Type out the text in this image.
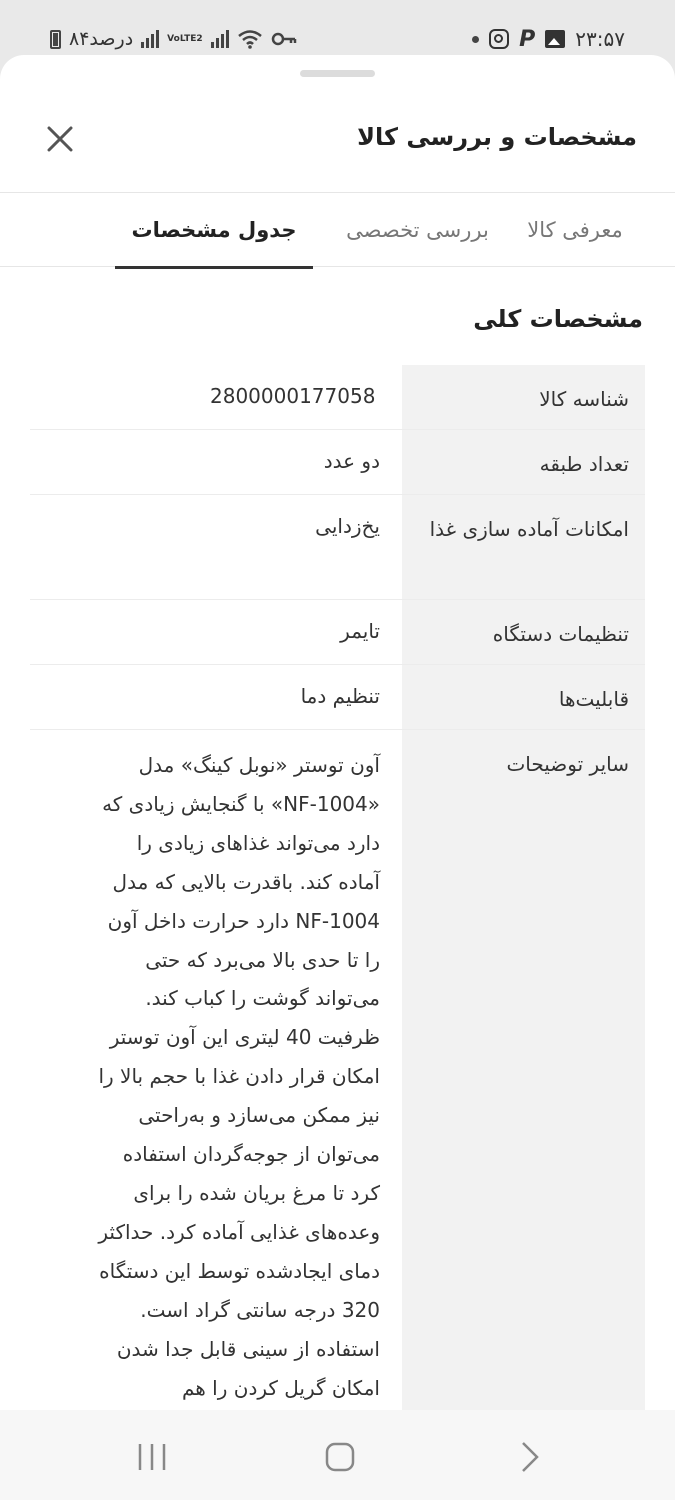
۸۴درصد	VoLTE2	P ۲۳:۵۷
مشخصات و بررسی کالا
معرفی کالا
بررسی تخصصی
جدول مشخصات
مشخصات کلی
شناسه کالا
2800000177058
تعداد طبقه
دو عدد
امکانات آماده سازی غذا
یخ‌زدایی
تنظیمات دستگاه
تایمر
قابلیت‌ها
تنظیم دما
سایر توضیحات
آون توستر «نوبل کینگ» مدل «NF-1004» با گنجایش زیادی که دارد می‌تواند غذاهای زیادی را آماده کند. باقدرت بالایی که مدل NF-1004 دارد حرارت داخل آون را تا حدی بالا می‌برد که حتی می‌تواند گوشت را کباب کند. ظرفیت 40 لیتری این آون توستر امکان قرار دادن غذا با حجم بالا را نیز ممکن می‌سازد و به‌راحتی می‌توان از جوجه‌گردان استفاده کرد تا مرغ بریان شده را برای وعده‌های غذایی آماده کرد. حداکثر دمای ایجادشده توسط این دستگاه 320 درجه سانتی گراد است. استفاده از سینی قابل جدا شدن امکان گریل کردن را هم
